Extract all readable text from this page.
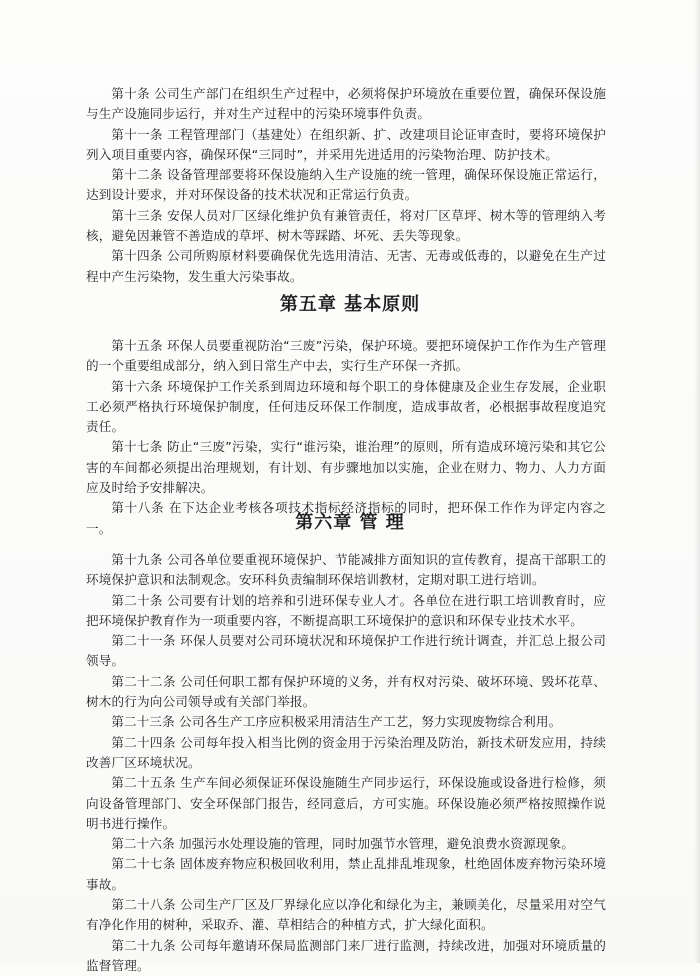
第十条 公司生产部门在组织生产过程中，必须将保护环境放在重要位置，确保环保设施与生产设施同步运行，并对生产过程中的污染环境事件负责。

第十一条 工程管理部门（基建处）在组织新、扩、改建项目论证审查时，要将环境保护列入项目重要内容，确保环保“三同时”，并采用先进适用的污染物治理、防护技术。

第十二条 设备管理部要将环保设施纳入生产设施的统一管理，确保环保设施正常运行，达到设计要求，并对环保设备的技术状况和正常运行负责。

第十三条 安保人员对厂区绿化维护负有兼管责任，将对厂区草坪、树木等的管理纳入考核，避免因兼管不善造成的草坪、树木等踩踏、坏死、丢失等现象。

第十四条 公司所购原材料要确保优先选用清洁、无害、无毒或低毒的，以避免在生产过程中产生污染物，发生重大污染事故。

第五章 基本原则

第十五条 环保人员要重视防治“三废”污染，保护环境。要把环境保护工作作为生产管理的一个重要组成部分，纳入到日常生产中去，实行生产环保一齐抓。

第十六条 环境保护工作关系到周边环境和每个职工的身体健康及企业生存发展，企业职工必须严格执行环境保护制度，任何违反环保工作制度，造成事故者，必根据事故程度追究责任。

第十七条 防止“三废”污染，实行“谁污染，谁治理”的原则，所有造成环境污染和其它公害的车间都必须提出治理规划，有计划、有步骤地加以实施，企业在财力、物力、人力方面应及时给予安排解决。

第十八条 在下达企业考核各项技术指标经济指标的同时，把环保工作作为评定内容之一。	第六章 管 理

第十九条 公司各单位要重视环境保护、节能减排方面知识的宣传教育，提高干部职工的环境保护意识和法制观念。安环科负责编制环保培训教材，定期对职工进行培训。

第二十条 公司要有计划的培养和引进环保专业人才。各单位在进行职工培训教育时，应把环境保护教育作为一项重要内容，不断提高职工环境保护的意识和环保专业技术水平。

第二十一条 环保人员要对公司环境状况和环境保护工作进行统计调查，并汇总上报公司领导。

第二十二条 公司任何职工都有保护环境的义务，并有权对污染、破坏环境、毁坏花草、树木的行为向公司领导或有关部门举报。

第二十三条 公司各生产工序应积极采用清洁生产工艺，努力实现废物综合利用。

第二十四条 公司每年投入相当比例的资金用于污染治理及防治，新技术研发应用，持续改善厂区环境状况。

第二十五条 生产车间必须保证环保设施随生产同步运行，环保设施或设备进行检修，须向设备管理部门、安全环保部门报告，经同意后，方可实施。环保设施必须严格按照操作说明书进行操作。

第二十六条 加强污水处理设施的管理，同时加强节水管理，避免浪费水资源现象。

第二十七条 固体废弃物应积极回收利用，禁止乱排乱堆现象，杜绝固体废弃物污染环境事故。

第二十八条 公司生产厂区及厂界绿化应以净化和绿化为主，兼顾美化，尽量采用对空气有净化作用的树种，采取乔、灌、草相结合的种植方式，扩大绿化面积。

第二十九条 公司每年邀请环保局监测部门来厂进行监测，持续改进，加强对环境质量的监督管理。
